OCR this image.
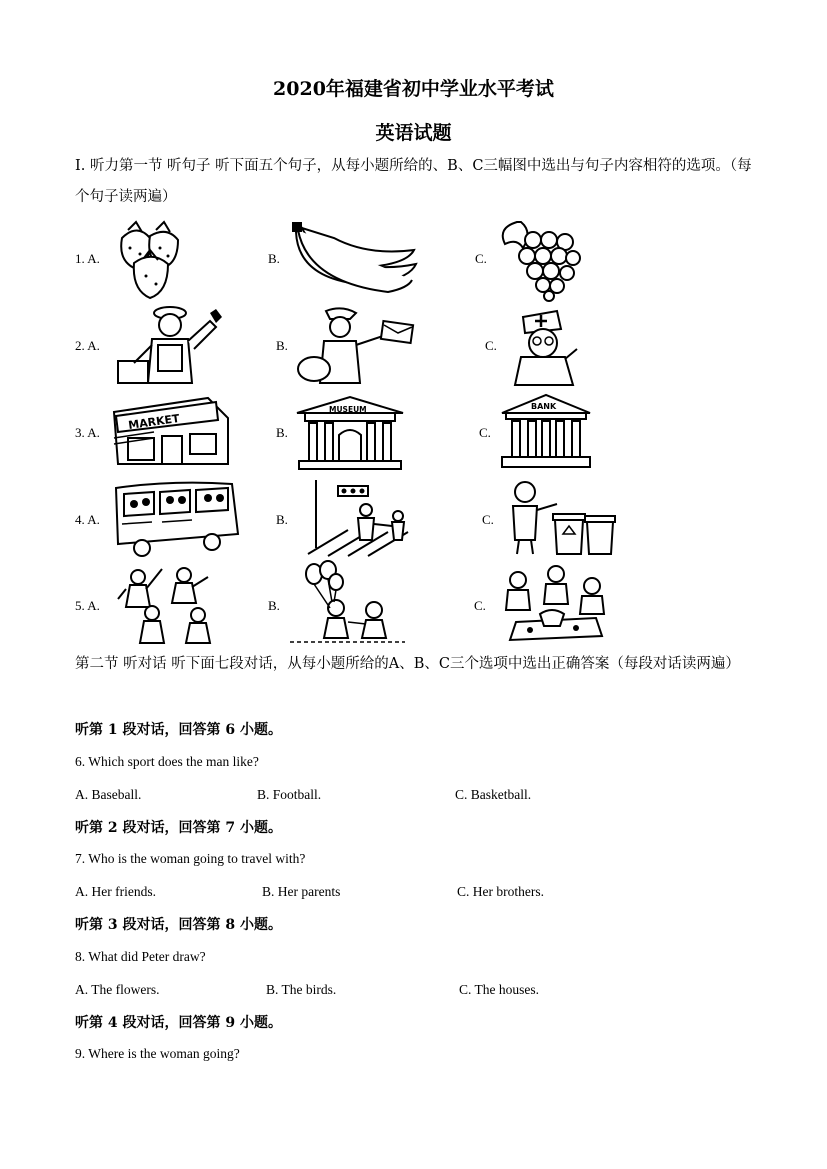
2020年福建省初中学业水平考试
英语试题
Ⅰ. 听力第一节 听句子 听下面五个句子，从每小题所给的、B、C三幅图中选出与句子内容相符的选项。（每个句子读两遍）
1. A.	B.	C.
2. A.	B.	C.
3. A.	B.	C.
MARKET
MUSEUM	BANK
4. A.	B.	C.
5. A.	B.	C.
第二节 听对话 听下面七段对话，从每小题所给的A、B、C三个选项中选出正确答案（每段对话读两遍）
听第 1 段对话，回答第 6 小题。
6. Which sport does the man like?
A. Baseball.	B. Football.	C. Basketball.
听第 2 段对话，回答第 7 小题。
7. Who is the woman going to travel with?
A. Her friends.	B. Her parents	C. Her brothers.
听第 3 段对话，回答第 8 小题。
8. What did Peter draw?
A. The flowers.	B. The birds.	C. The houses.
听第 4 段对话，回答第 9 小题。
9. Where is the woman going?
